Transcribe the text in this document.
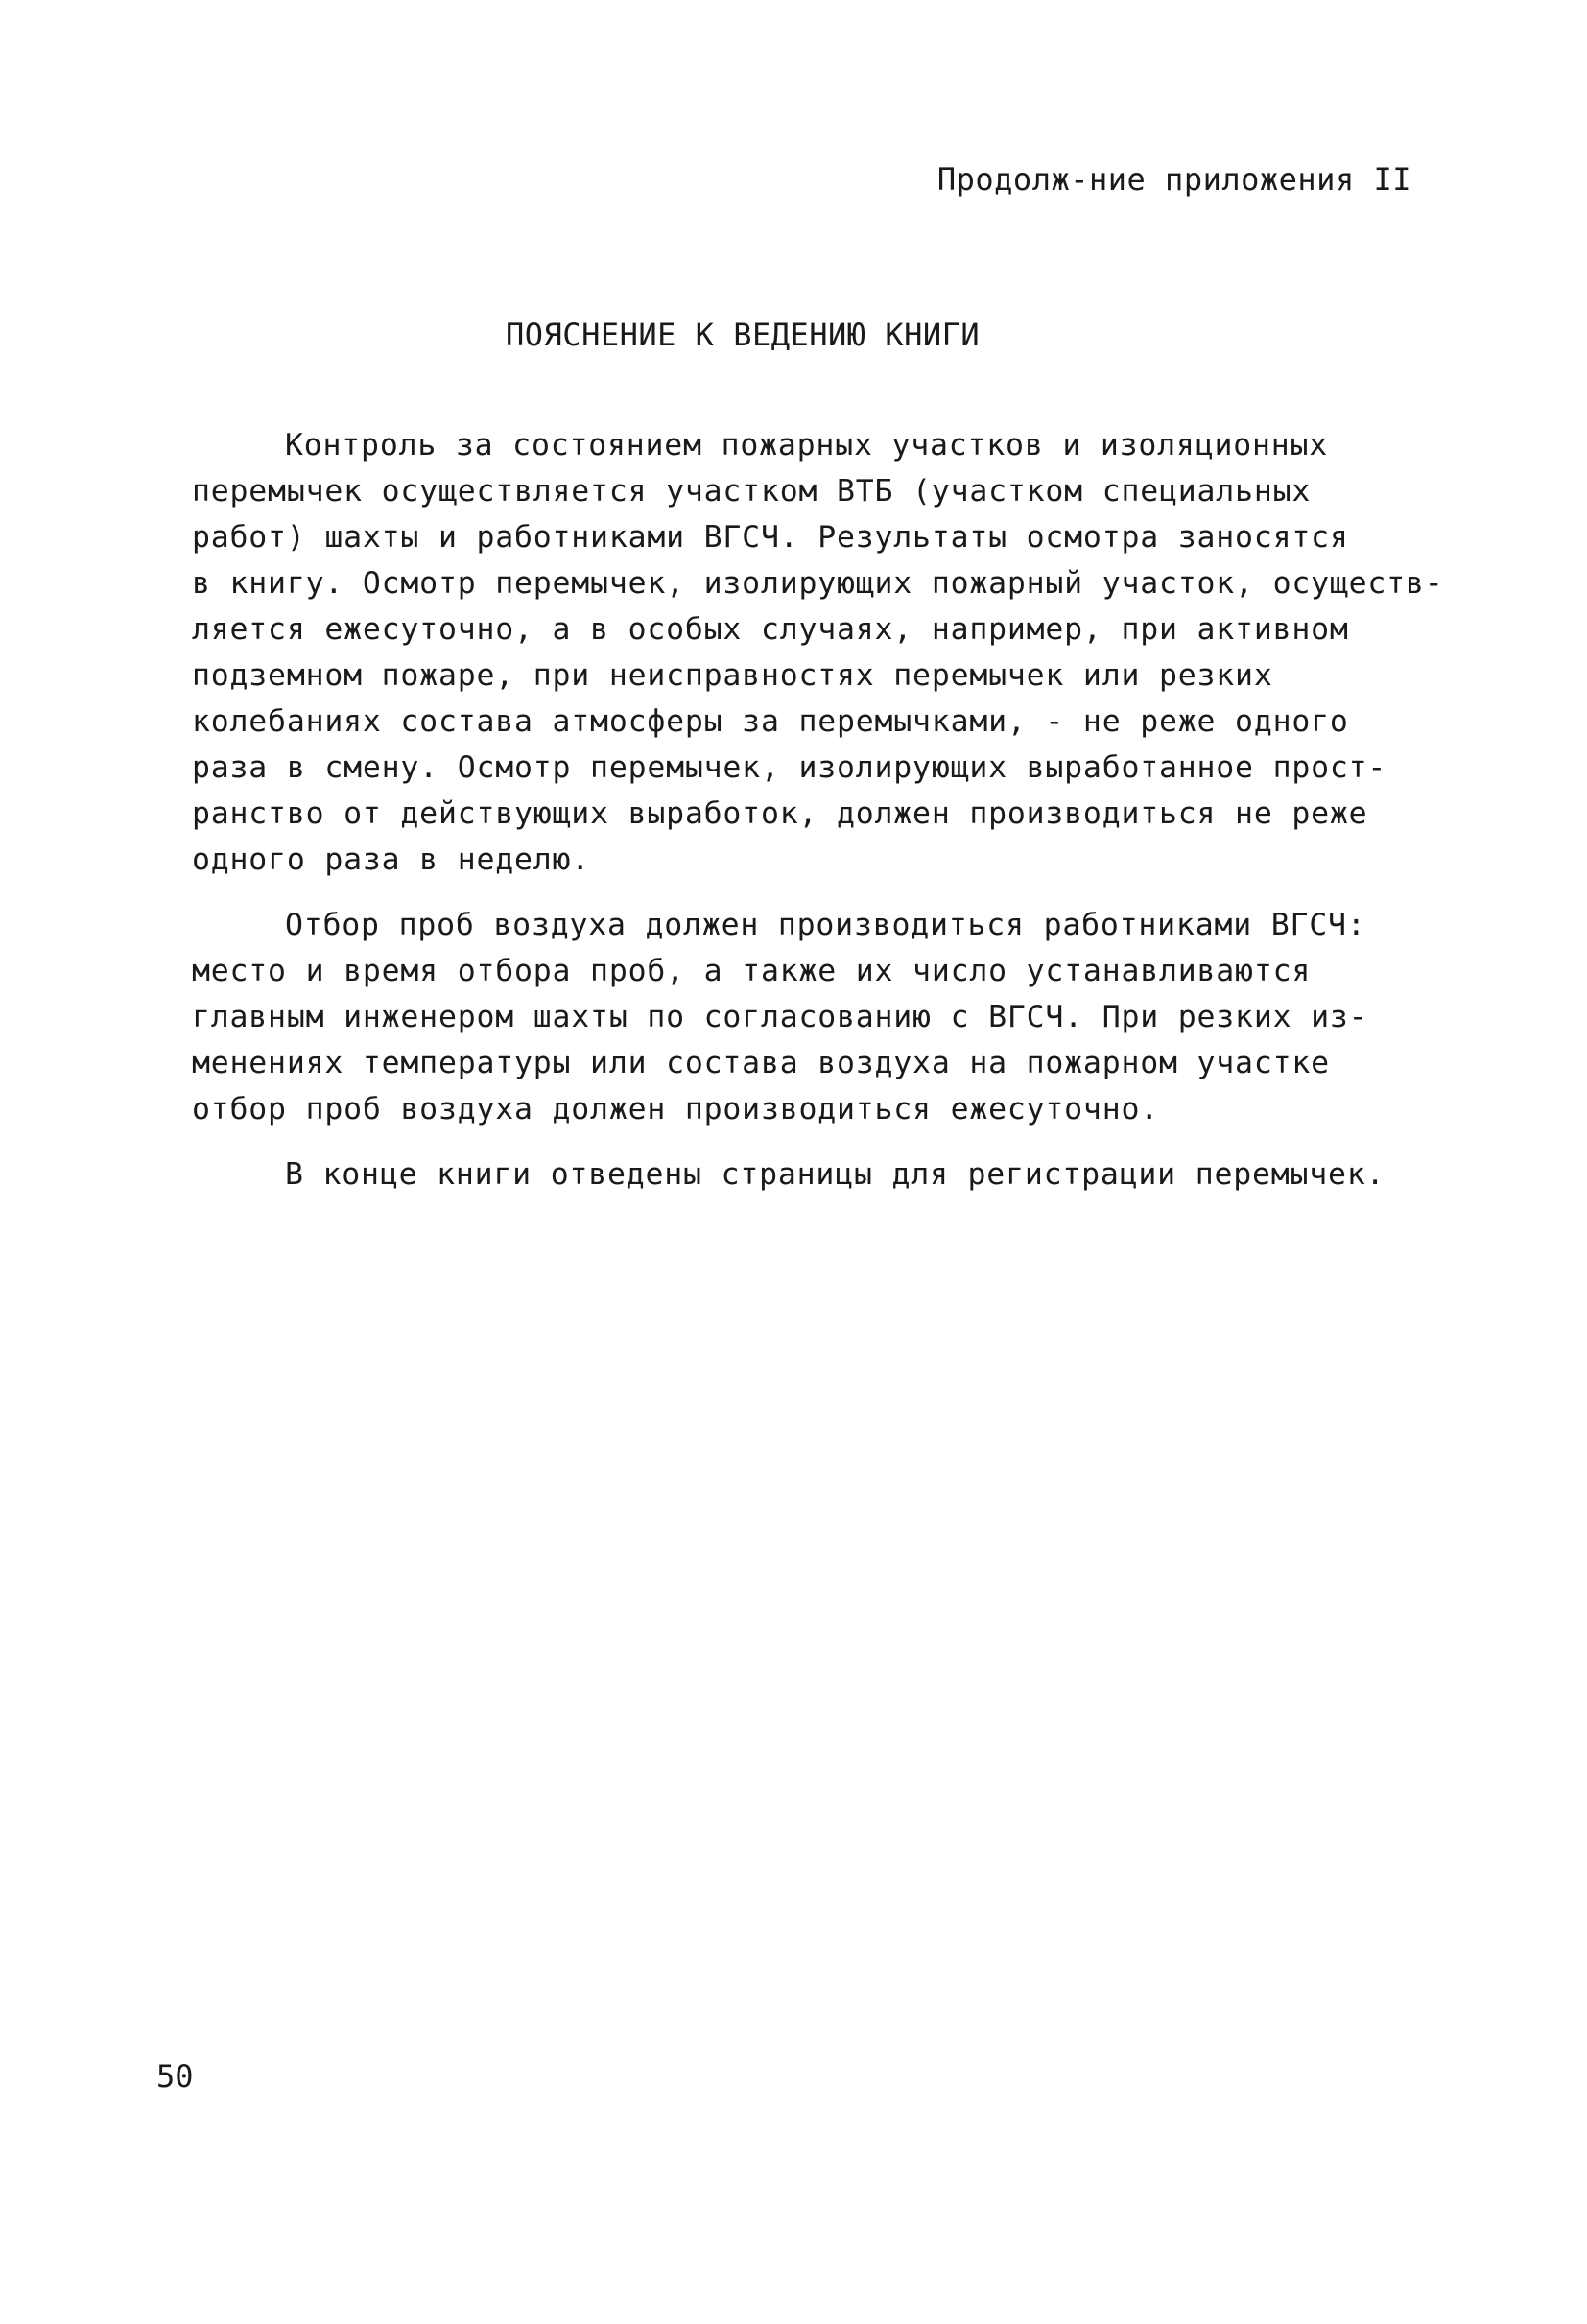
Продолж‑ние приложения II
ПОЯСНЕНИЕ К ВЕДЕНИЮ КНИГИ
Контроль за состоянием пожарных участков и изоляционных
перемычек осуществляется участком ВТБ (участком специальных
работ) шахты и работниками ВГСЧ. Результаты осмотра заносятся
в книгу. Осмотр перемычек, изолирующих пожарный участок, осуществ-
ляется ежесуточно, а в особых случаях, например, при активном
подземном пожаре, при неисправностях перемычек или резких
колебаниях состава атмосферы за перемычками, - не реже одного
раза в смену. Осмотр перемычек, изолирующих выработанное прост-
ранство от действующих выработок, должен производиться не реже
одного раза в неделю.
Отбор проб воздуха должен производиться работниками ВГСЧ:
место и время отбора проб, а также их число устанавливаются
главным инженером шахты по согласованию с ВГСЧ. При резких из-
менениях температуры или состава воздуха на пожарном участке
отбор проб воздуха должен производиться ежесуточно.
В конце книги отведены страницы для регистрации перемычек.
50
